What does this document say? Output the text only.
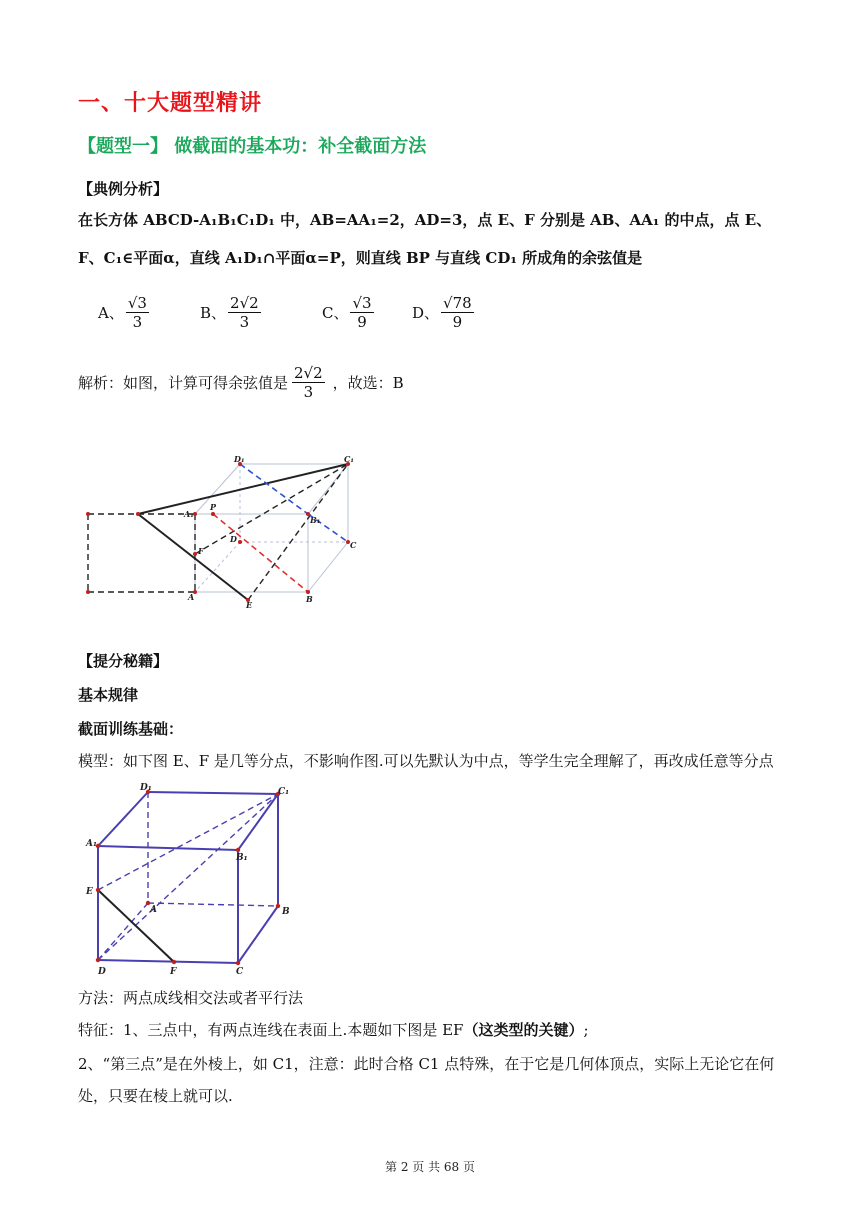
一、十大题型精讲
【题型一】 做截面的基本功：补全截面方法
【典例分析】
在长方体 ABCD-A₁B₁C₁D₁ 中，AB=AA₁=2，AD=3，点 E、F 分别是 AB、AA₁ 的中点，点 E、
F、C₁∈平面α，直线 A₁D₁∩平面α=P，则直线 BP 与直线 CD₁ 所成角的余弦值是
A、 $\frac{√3}{3}$	B、 $\frac{2√2}{3}$	C、 $\frac{√3}{9}$	D、 $\frac{√78}{9}$
解析：如图，计算可得余弦值是 $\frac{2√2}{3}$ ，故选：B
D₁	C₁
A₁
P
B₁
D
C
F
A
E
B
【提分秘籍】
基本规律
截面训练基础：
模型：如下图 E、F 是几等分点，不影响作图.可以先默认为中点，等学生完全理解了，再改成任意等分点
D₁	C₁
A₁
B₁
E
A	B
D	F	C
方法：两点成线相交法或者平行法
特征：1、三点中，有两点连线在表面上.本题如下图是 EF（这类型的关键）;
2、“第三点”是在外棱上，如 C1，注意：此时合格 C1 点特殊，在于它是几何体顶点，实际上无论它在何
处，只要在棱上就可以.
第 2 页 共 68 页
